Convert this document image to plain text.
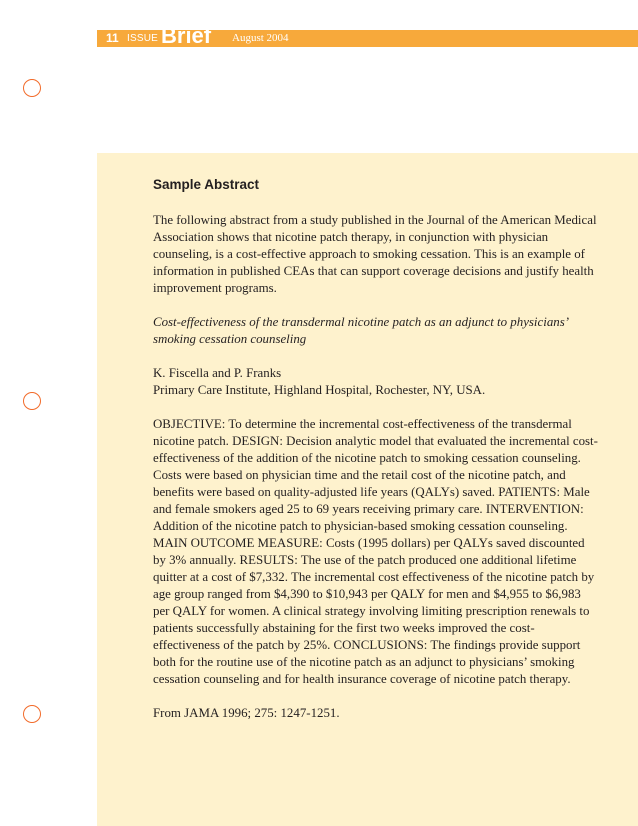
11 ISSUE Brief August 2004
Sample Abstract

The following abstract from a study published in the Journal of the American Medical Association shows that nicotine patch therapy, in conjunction with physician counseling, is a cost-effective approach to smoking cessation. This is an example of information in published CEAs that can support coverage decisions and justify health improvement programs.

Cost-effectiveness of the transdermal nicotine patch as an adjunct to physicians’ smoking cessation counseling

K. Fiscella and P. Franks
Primary Care Institute, Highland Hospital, Rochester, NY, USA.

OBJECTIVE: To determine the incremental cost-effectiveness of the transdermal nicotine patch. DESIGN: Decision analytic model that evaluated the incremental cost-effectiveness of the addition of the nicotine patch to smoking cessation counseling. Costs were based on physician time and the retail cost of the nicotine patch, and benefits were based on quality-adjusted life years (QALYs) saved. PATIENTS: Male and female smokers aged 25 to 69 years receiving primary care. INTERVENTION: Addition of the nicotine patch to physician-based smoking cessation counseling. MAIN OUTCOME MEASURE: Costs (1995 dollars) per QALYs saved discounted by 3% annually. RESULTS: The use of the patch produced one additional lifetime quitter at a cost of $7,332. The incremental cost effectiveness of the nicotine patch by age group ranged from $4,390 to $10,943 per QALY for men and $4,955 to $6,983 per QALY for women. A clinical strategy involving limiting prescription renewals to patients successfully abstaining for the first two weeks improved the cost-effectiveness of the patch by 25%. CONCLUSIONS: The findings provide support both for the routine use of the nicotine patch as an adjunct to physicians’ smoking cessation counseling and for health insurance coverage of nicotine patch therapy.

From JAMA 1996; 275: 1247-1251.
